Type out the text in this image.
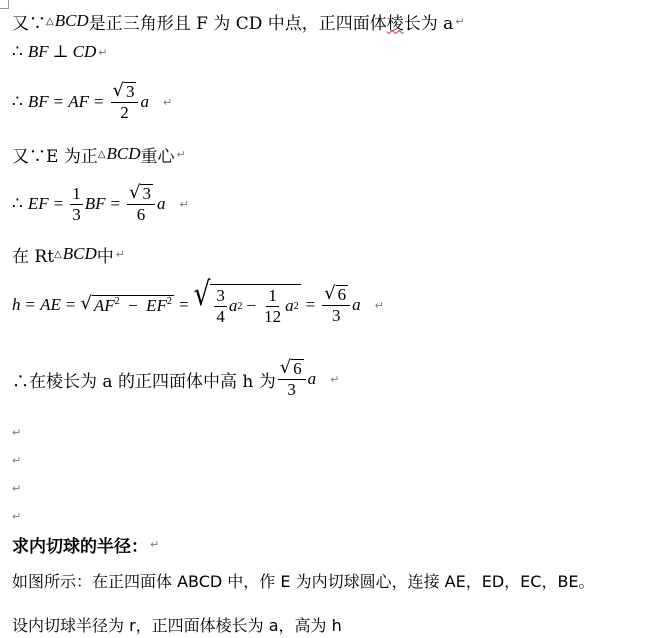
又∵ △ BCD 是正三角形且 F 为 CD 中点，正四面体 棱 长为 a ↵
∴ BF ⊥ CD ↵
∴ BF = AF = $\frac{√ 3}{2}$ a ↵
又∵E 为正 △ BCD 重心 ↵
∴ EF = $\frac{1}{3}$ BF = $\frac{√ 3}{6}$ a ↵
在 Rt △ BCD 中 ↵
h = AE = √ $AF^2 - EF^2$ = √ $\frac{3}{4}$ a $2 - \frac{1}{12}$ a $2 = \frac{√ 6}{3}$ a ↵
∴在棱长为 a 的正四面体中高 h 为 $\frac{√ 6}{3}$ a ↵
↵
↵
↵
↵
求内切球的半径： ↵
如图所示：在正四面体 ABCD 中，作 E 为内切球圆心，连接 AE，ED，EC，BE。
设内切球半径为 r，正四面体棱长为 a，高为 h
